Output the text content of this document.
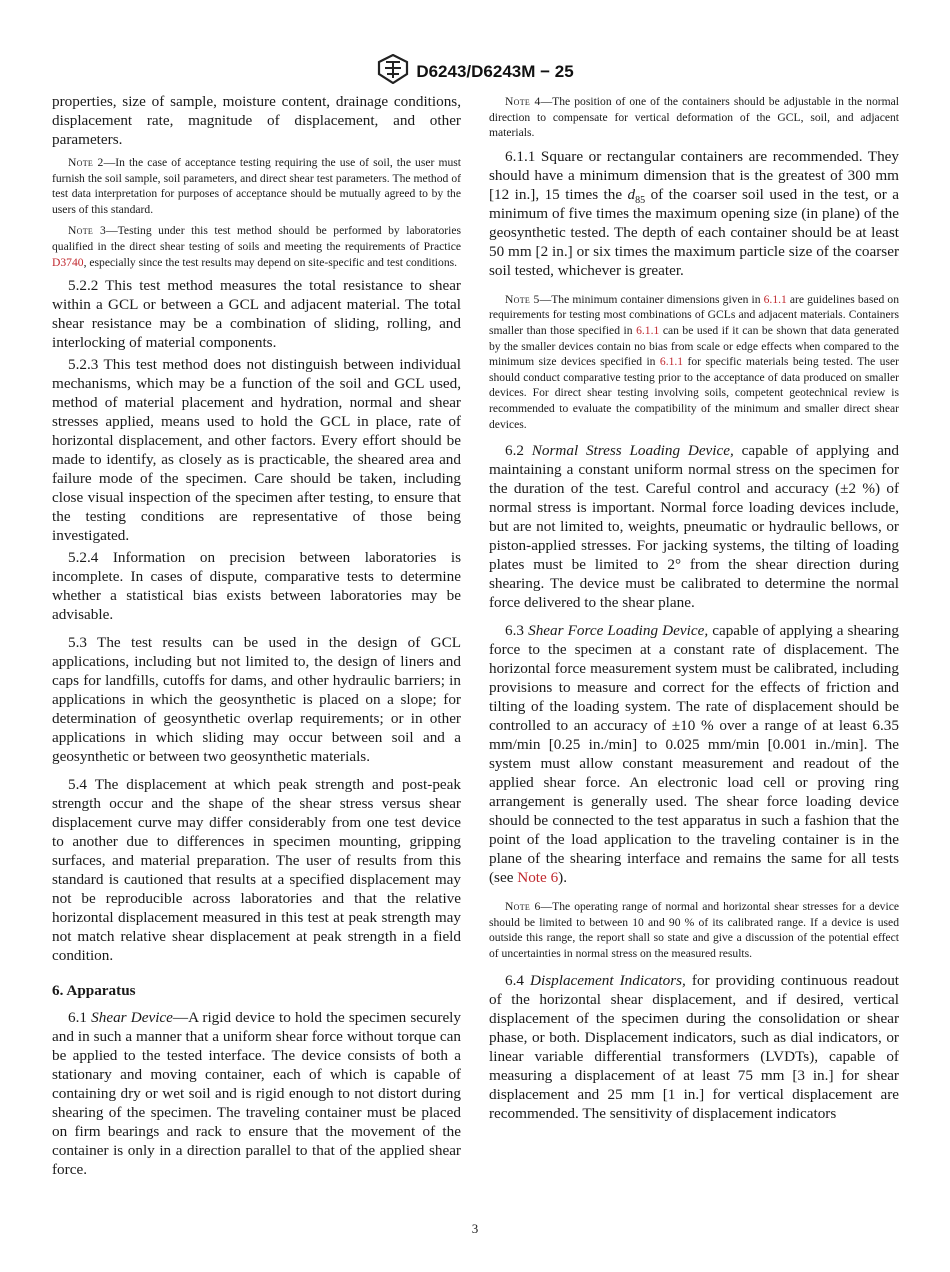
D6243/D6243M − 25

properties, size of sample, moisture content, drainage conditions, displacement rate, magnitude of displacement, and other parameters.

Note 2—In the case of acceptance testing requiring the use of soil, the user must furnish the soil sample, soil parameters, and direct shear test parameters. The method of test data interpretation for purposes of acceptance should be mutually agreed to by the users of this standard.

Note 3—Testing under this test method should be performed by laboratories qualified in the direct shear testing of soils and meeting the requirements of Practice D3740, especially since the test results may depend on site-specific and test conditions.

5.2.2 This test method measures the total resistance to shear within a GCL or between a GCL and adjacent material. The total shear resistance may be a combination of sliding, rolling, and interlocking of material components.

5.2.3 This test method does not distinguish between individual mechanisms, which may be a function of the soil and GCL used, method of material placement and hydration, normal and shear stresses applied, means used to hold the GCL in place, rate of horizontal displacement, and other factors. Every effort should be made to identify, as closely as is practicable, the sheared area and failure mode of the specimen. Care should be taken, including close visual inspection of the specimen after testing, to ensure that the testing conditions are representative of those being investigated.

5.2.4 Information on precision between laboratories is incomplete. In cases of dispute, comparative tests to determine whether a statistical bias exists between laboratories may be advisable.

5.3 The test results can be used in the design of GCL applications, including but not limited to, the design of liners and caps for landfills, cutoffs for dams, and other hydraulic barriers; in applications in which the geosynthetic is placed on a slope; for determination of geosynthetic overlap requirements; or in other applications in which sliding may occur between soil and a geosynthetic or between two geosynthetic materials.

5.4 The displacement at which peak strength and post-peak strength occur and the shape of the shear stress versus shear displacement curve may differ considerably from one test device to another due to differences in specimen mounting, gripping surfaces, and material preparation. The user of results from this standard is cautioned that results at a specified displacement may not be reproducible across laboratories and that the relative horizontal displacement measured in this test at peak strength may not match relative shear displacement at peak strength in a field condition.

6. Apparatus

6.1 Shear Device—A rigid device to hold the specimen securely and in such a manner that a uniform shear force without torque can be applied to the tested interface. The device consists of both a stationary and moving container, each of which is capable of containing dry or wet soil and is rigid enough to not distort during shearing of the specimen. The traveling container must be placed on firm bearings and rack to ensure that the movement of the container is only in a direction parallel to that of the applied shear force.

Note 4—The position of one of the containers should be adjustable in the normal direction to compensate for vertical deformation of the GCL, soil, and adjacent materials.

6.1.1 Square or rectangular containers are recommended. They should have a minimum dimension that is the greatest of 300 mm [12 in.], 15 times the $d_{85}$ of the coarser soil used in the test, or a minimum of five times the maximum opening size (in plane) of the geosynthetic tested. The depth of each container should be at least 50 mm [2 in.] or six times the maximum particle size of the coarser soil tested, whichever is greater.

Note 5—The minimum container dimensions given in 6.1.1 are guidelines based on requirements for testing most combinations of GCLs and adjacent materials. Containers smaller than those specified in 6.1.1 can be used if it can be shown that data generated by the smaller devices contain no bias from scale or edge effects when compared to the minimum size devices specified in 6.1.1 for specific materials being tested. The user should conduct comparative testing prior to the acceptance of data produced on smaller devices. For direct shear testing involving soils, competent geotechnical review is recommended to evaluate the compatibility of the minimum and smaller direct shear devices.

6.2 Normal Stress Loading Device, capable of applying and maintaining a constant uniform normal stress on the specimen for the duration of the test. Careful control and accuracy (±2 %) of normal stress is important. Normal force loading devices include, but are not limited to, weights, pneumatic or hydraulic bellows, or piston-applied stresses. For jacking systems, the tilting of loading plates must be limited to 2° from the shear direction during shearing. The device must be calibrated to determine the normal force delivered to the shear plane.

6.3 Shear Force Loading Device, capable of applying a shearing force to the specimen at a constant rate of displacement. The horizontal force measurement system must be calibrated, including provisions to measure and correct for the effects of friction and tilting of the loading system. The rate of displacement should be controlled to an accuracy of ±10 % over a range of at least 6.35 mm/min [0.25 in./min] to 0.025 mm/min [0.001 in./min]. The system must allow constant measurement and readout of the applied shear force. An electronic load cell or proving ring arrangement is generally used. The shear force loading device should be connected to the test apparatus in such a fashion that the point of the load application to the traveling container is in the plane of the shearing interface and remains the same for all tests (see Note 6).

Note 6—The operating range of normal and horizontal shear stresses for a device should be limited to between 10 and 90 % of its calibrated range. If a device is used outside this range, the report shall so state and give a discussion of the potential effect of uncertainties in normal stress on the measured results.

6.4 Displacement Indicators, for providing continuous readout of the horizontal shear displacement, and if desired, vertical displacement of the specimen during the consolidation or shear phase, or both. Displacement indicators, such as dial indicators, or linear variable differential transformers (LVDTs), capable of measuring a displacement of at least 75 mm [3 in.] for shear displacement and 25 mm [1 in.] for vertical displacement are recommended. The sensitivity of displacement indicators

3
